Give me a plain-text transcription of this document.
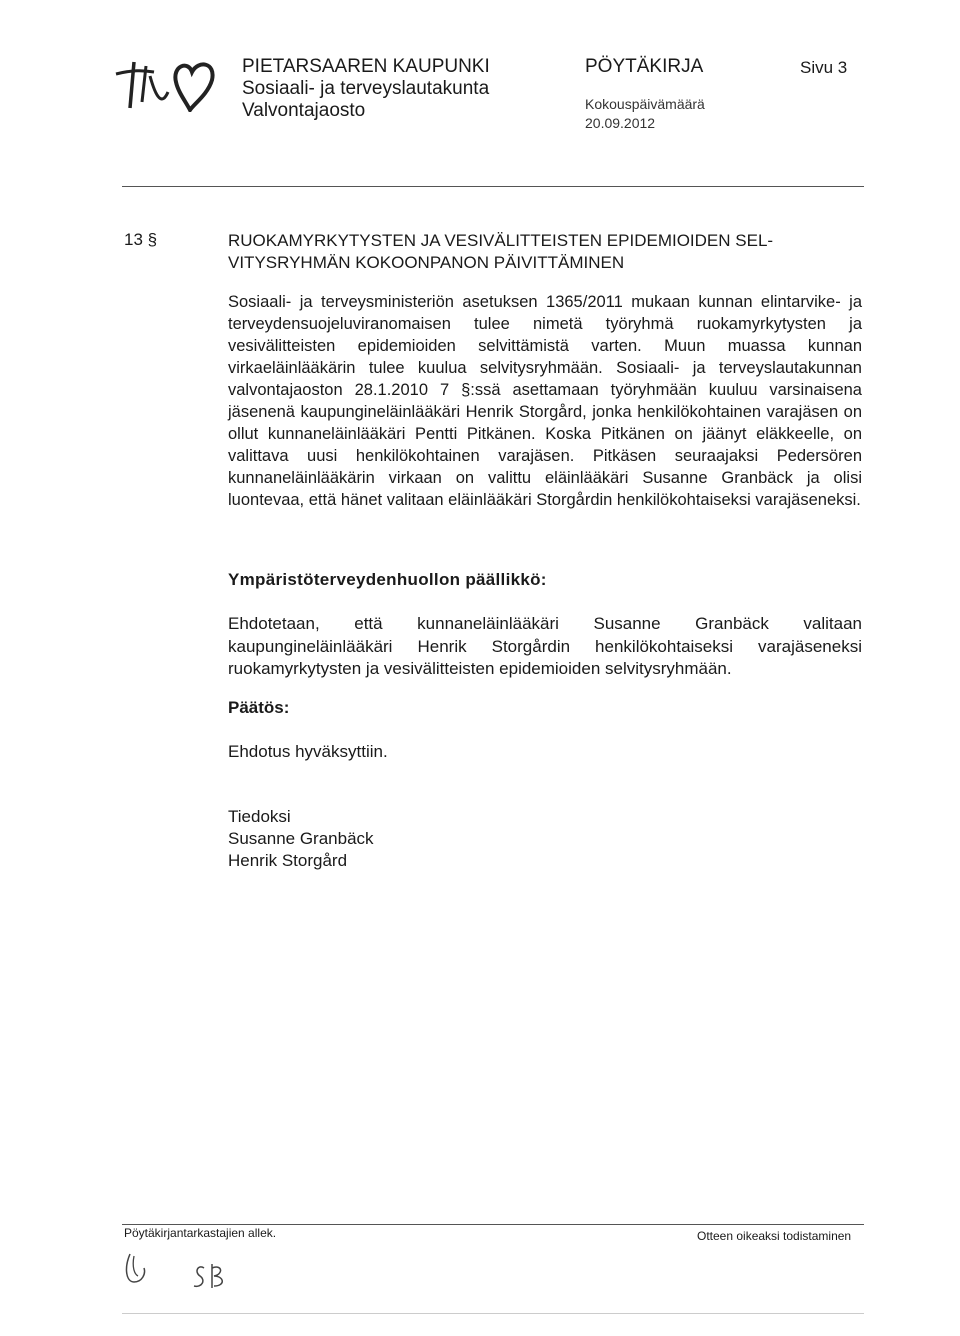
PIETARSAAREN KAUPUNKI
Sosiaali- ja terveyslautakunta
Valvontajaosto
PÖYTÄKIRJA
Kokouspäivämäärä
20.09.2012
Sivu 3
13 §	RUOKAMYRKYTYSTEN JA VESIVÄLITTEISTEN EPIDEMIOIDEN SEL-VITYSRYHMÄN KOKOONPANON PÄIVITTÄMINEN
Sosiaali- ja terveysministeriön asetuksen 1365/2011 mukaan kunnan elintarvike- ja terveydensuojeluviranomaisen tulee nimetä työryhmä ruokamyrkytysten ja vesivälitteisten epidemioiden selvittämistä varten. Muun muassa kunnan virkaeläinlääkärin tulee kuulua selvitysryhmään. Sosiaali- ja terveyslautakunnan valvontajaoston 28.1.2010 7 §:ssä asettamaan työryhmään kuuluu varsinaisena jäsenenä kaupungineläinlääkäri Henrik Storgård, jonka henkilökohtainen varajäsen on ollut kunnaneläinlääkäri Pentti Pitkänen. Koska Pitkänen on jäänyt eläkkeelle, on valittava uusi henkilökohtainen varajäsen. Pitkäsen seuraajaksi Pedersören kunnaneläinlääkärin virkaan on valittu eläinlääkäri Susanne Granbäck ja olisi luontevaa, että hänet valitaan eläinlääkäri Storgårdin henkilökohtaiseksi varajäseneksi.
Ympäristöterveydenhuollon päällikkö:
Ehdotetaan, että kunnaneläinlääkäri Susanne Granbäck valitaan kaupungineläinlääkäri Henrik Storgårdin henkilökohtaiseksi varajäseneksi ruokamyrkytysten ja vesivälitteisten epidemioiden selvitysryhmään.
Päätös:
Ehdotus hyväksyttiin.
Tiedoksi
Susanne Granbäck
Henrik Storgård
Pöytäkirjantarkastajien allek.	Otteen oikeaksi todistaminen
